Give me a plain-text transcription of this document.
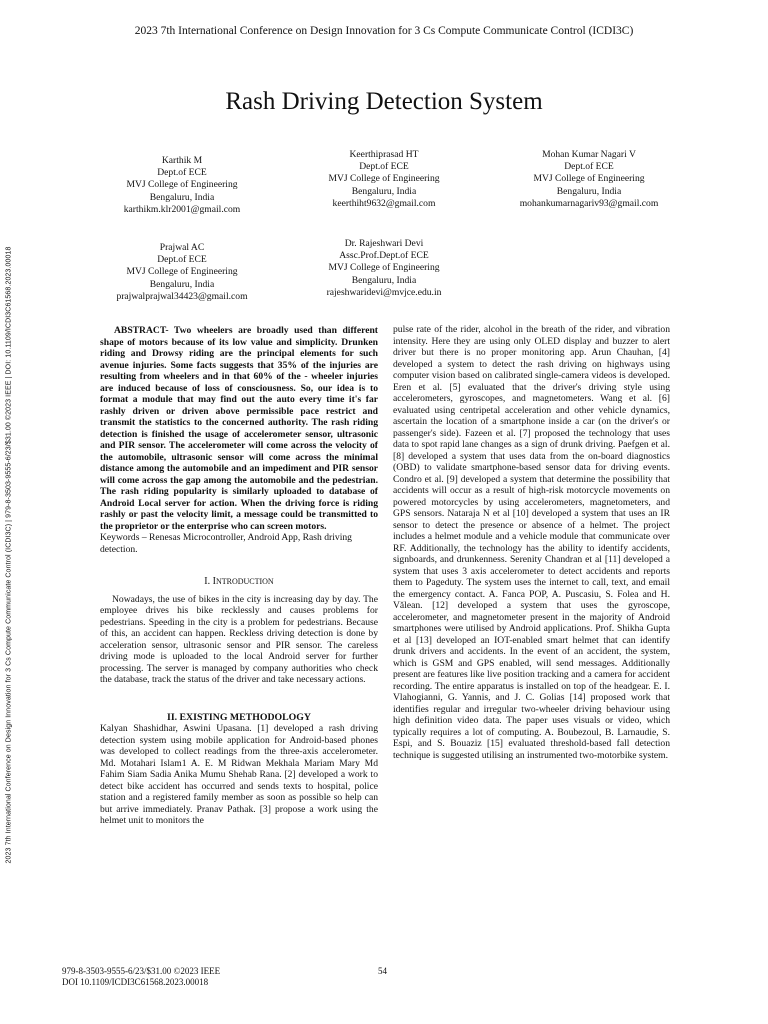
2023 7th International Conference on Design Innovation for 3 Cs Compute Communicate Control (ICDI3C)
2023 7th International Conference on Design Innovation for 3 Cs Compute Communicate Control (ICDI3C) | 979-8-3503-9555-6/23/$31.00 ©2023 IEEE | DOI: 10.1109/ICDI3C61568.2023.00018
Rash Driving Detection System
Karthik M
Dept.of ECE
MVJ College of Engineering
Bengaluru, India
karthikm.klr2001@gmail.com
Keerthiprasad HT
Dept.of ECE
MVJ College of Engineering
Bengaluru, India
keerthiht9632@gmail.com
Mohan Kumar Nagari V
Dept.of ECE
MVJ College of Engineering
Bengaluru, India
mohankumarnagariv93@gmail.com
Prajwal AC
Dept.of ECE
MVJ College of Engineering
Bengaluru, India
prajwalprajwal34423@gmail.com
Dr. Rajeshwari Devi
Assc.Prof.Dept.of ECE
MVJ College of Engineering
Bengaluru, India
rajeshwaridevi@mvjce.edu.in

ABSTRACT- Two wheelers are broadly used than different shape of motors because of its low value and simplicity. Drunken riding and Drowsy riding are the principal elements for such avenue injuries. Some facts suggests that 35% of the injuries are resulting from wheelers and in that 60% of the - wheeler injuries are induced because of loss of consciousness. So, our idea is to format a module that may find out the auto every time it's far rashly driven or driven above permissible pace restrict and transmit the statistics to the concerned authority. The rash riding detection is finished the usage of accelerometer sensor, ultrasonic and PIR sensor. The accelerometer will come across the velocity of the automobile, ultrasonic sensor will come across the minimal distance among the automobile and an impediment and PIR sensor will come across the gap among the automobile and the pedestrian. The rash riding popularity is similarly uploaded to database of Android Local server for action. When the driving force is riding rashly or past the velocity limit, a message could be transmitted to the proprietor or the enterprise who can screen motors.

Keywords – Renesas Microcontroller, Android App, Rash driving detection.

I. INTRODUCTION

Nowadays, the use of bikes in the city is increasing day by day. The employee drives his bike recklessly and causes problems for pedestrians. Speeding in the city is a problem for pedestrians. Because of this, an accident can happen. Reckless driving detection is done by acceleration sensor, ultrasonic sensor and PIR sensor. The careless driving mode is uploaded to the local Android server for further processing. The server is managed by company authorities who check the database, track the status of the driver and take necessary actions.

II. EXISTING METHODOLOGY

Kalyan Shashidhar, Aswini Upasana. [1] developed a rash driving detection system using mobile application for Android-based phones was developed to collect readings from the three-axis accelerometer. Md. Motahari Islam1 A. E. M Ridwan Mekhala Mariam Mary Md Fahim Siam Sadia Anika Mumu Shehab Rana. [2] developed a work to detect bike accident has occurred and sends texts to hospital, police station and a registered family member as soon as possible so help can but arrive immediately. Pranav Pathak. [3] propose a work using the helmet unit to monitors the

pulse rate of the rider, alcohol in the breath of the rider, and vibration intensity. Here they are using only OLED display and buzzer to alert driver but there is no proper monitoring app. Arun Chauhan, [4] developed a system to detect the rash driving on highways using computer vision based on calibrated single-camera videos is developed. Eren et al. [5] evaluated that the driver's driving style using accelerometers, gyroscopes, and magnetometers. Wang et al. [6] evaluated using centripetal acceleration and other vehicle dynamics, ascertain the location of a smartphone inside a car (on the driver's or passenger's side). Fazeen et al. [7] proposed the technology that uses data to spot rapid lane changes as a sign of drunk driving. Paefgen et al. [8] developed a system that uses data from the on-board diagnostics (OBD) to validate smartphone-based sensor data for driving events. Condro et al. [9] developed a system that determine the possibility that accidents will occur as a result of high-risk motorcycle movements on powered motorcycles by using accelerometers, magnetometers, and GPS sensors. Nataraja N et al [10] developed a system that uses an IR sensor to detect the presence or absence of a helmet. The project includes a helmet module and a vehicle module that communicate over RF. Additionally, the technology has the ability to identify accidents, signboards, and drunkenness. Serenity Chandran et al [11] developed a system that uses 3 axis accelerometer to detect accidents and reports them to Pageduty. The system uses the internet to call, text, and email the emergency contact. A. Fanca POP, A. Puscasiu, S. Folea and H. Vălean. [12] developed a system that uses the gyroscope, accelerometer, and magnetometer present in the majority of Android smartphones were utilised by Android applications. Prof. Shikha Gupta et al [13] developed an IOT-enabled smart helmet that can identify drunk drivers and accidents. In the event of an accident, the system, which is GSM and GPS enabled, will send messages. Additionally present are features like live position tracking and a camera for accident recording. The entire apparatus is installed on top of the headgear. E. I. Vlahogianni, G. Yannis, and J. C. Golias [14] proposed work that identifies regular and irregular two-wheeler driving behaviour using high definition video data. The paper uses visuals or video, which typically requires a lot of computing. A. Boubezoul, B. Larnaudie, S. Espi, and S. Bouaziz [15] evaluated threshold-based fall detection technique is suggested utilising an instrumented two-motorbike system.

979-8-3503-9555-6/23/$31.00 ©2023 IEEE
DOI 10.1109/ICDI3C61568.2023.00018
54
